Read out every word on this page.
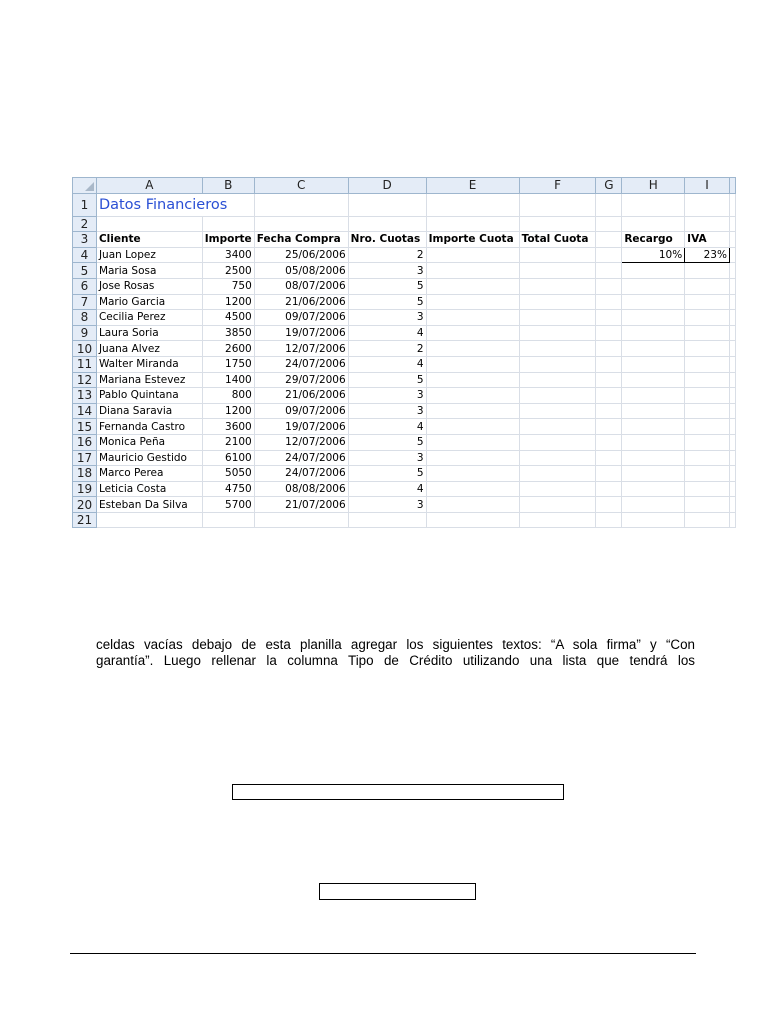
	A	B	C	D	E	F	G	H	I	
1	Datos Financieros									
2										
3	Cliente	Importe	Fecha Compra	Nro. Cuotas	Importe Cuota	Total Cuota		Recargo	IVA	
4	Juan Lopez	3400	25/06/2006	2				10%	23%	
5	Maria Sosa	2500	05/08/2006	3						
6	Jose Rosas	750	08/07/2006	5						
7	Mario Garcia	1200	21/06/2006	5						
8	Cecilia Perez	4500	09/07/2006	3						
9	Laura Soria	3850	19/07/2006	4						
10	Juana Alvez	2600	12/07/2006	2						
11	Walter Miranda	1750	24/07/2006	4						
12	Mariana Estevez	1400	29/07/2006	5						
13	Pablo Quintana	800	21/06/2006	3						
14	Diana Saravia	1200	09/07/2006	3						
15	Fernanda Castro	3600	19/07/2006	4						
16	Monica Peña	2100	12/07/2006	5						
17	Mauricio Gestido	6100	24/07/2006	3						
18	Marco Perea	5050	24/07/2006	5						
19	Leticia Costa	4750	08/08/2006	4						
20	Esteban Da Silva	5700	21/07/2006	3						
21										

celdas vacías debajo de esta planilla agregar los siguientes textos: “A sola firma” y “Con

garantía”. Luego rellenar la columna Tipo de Crédito utilizando una lista que tendrá los
